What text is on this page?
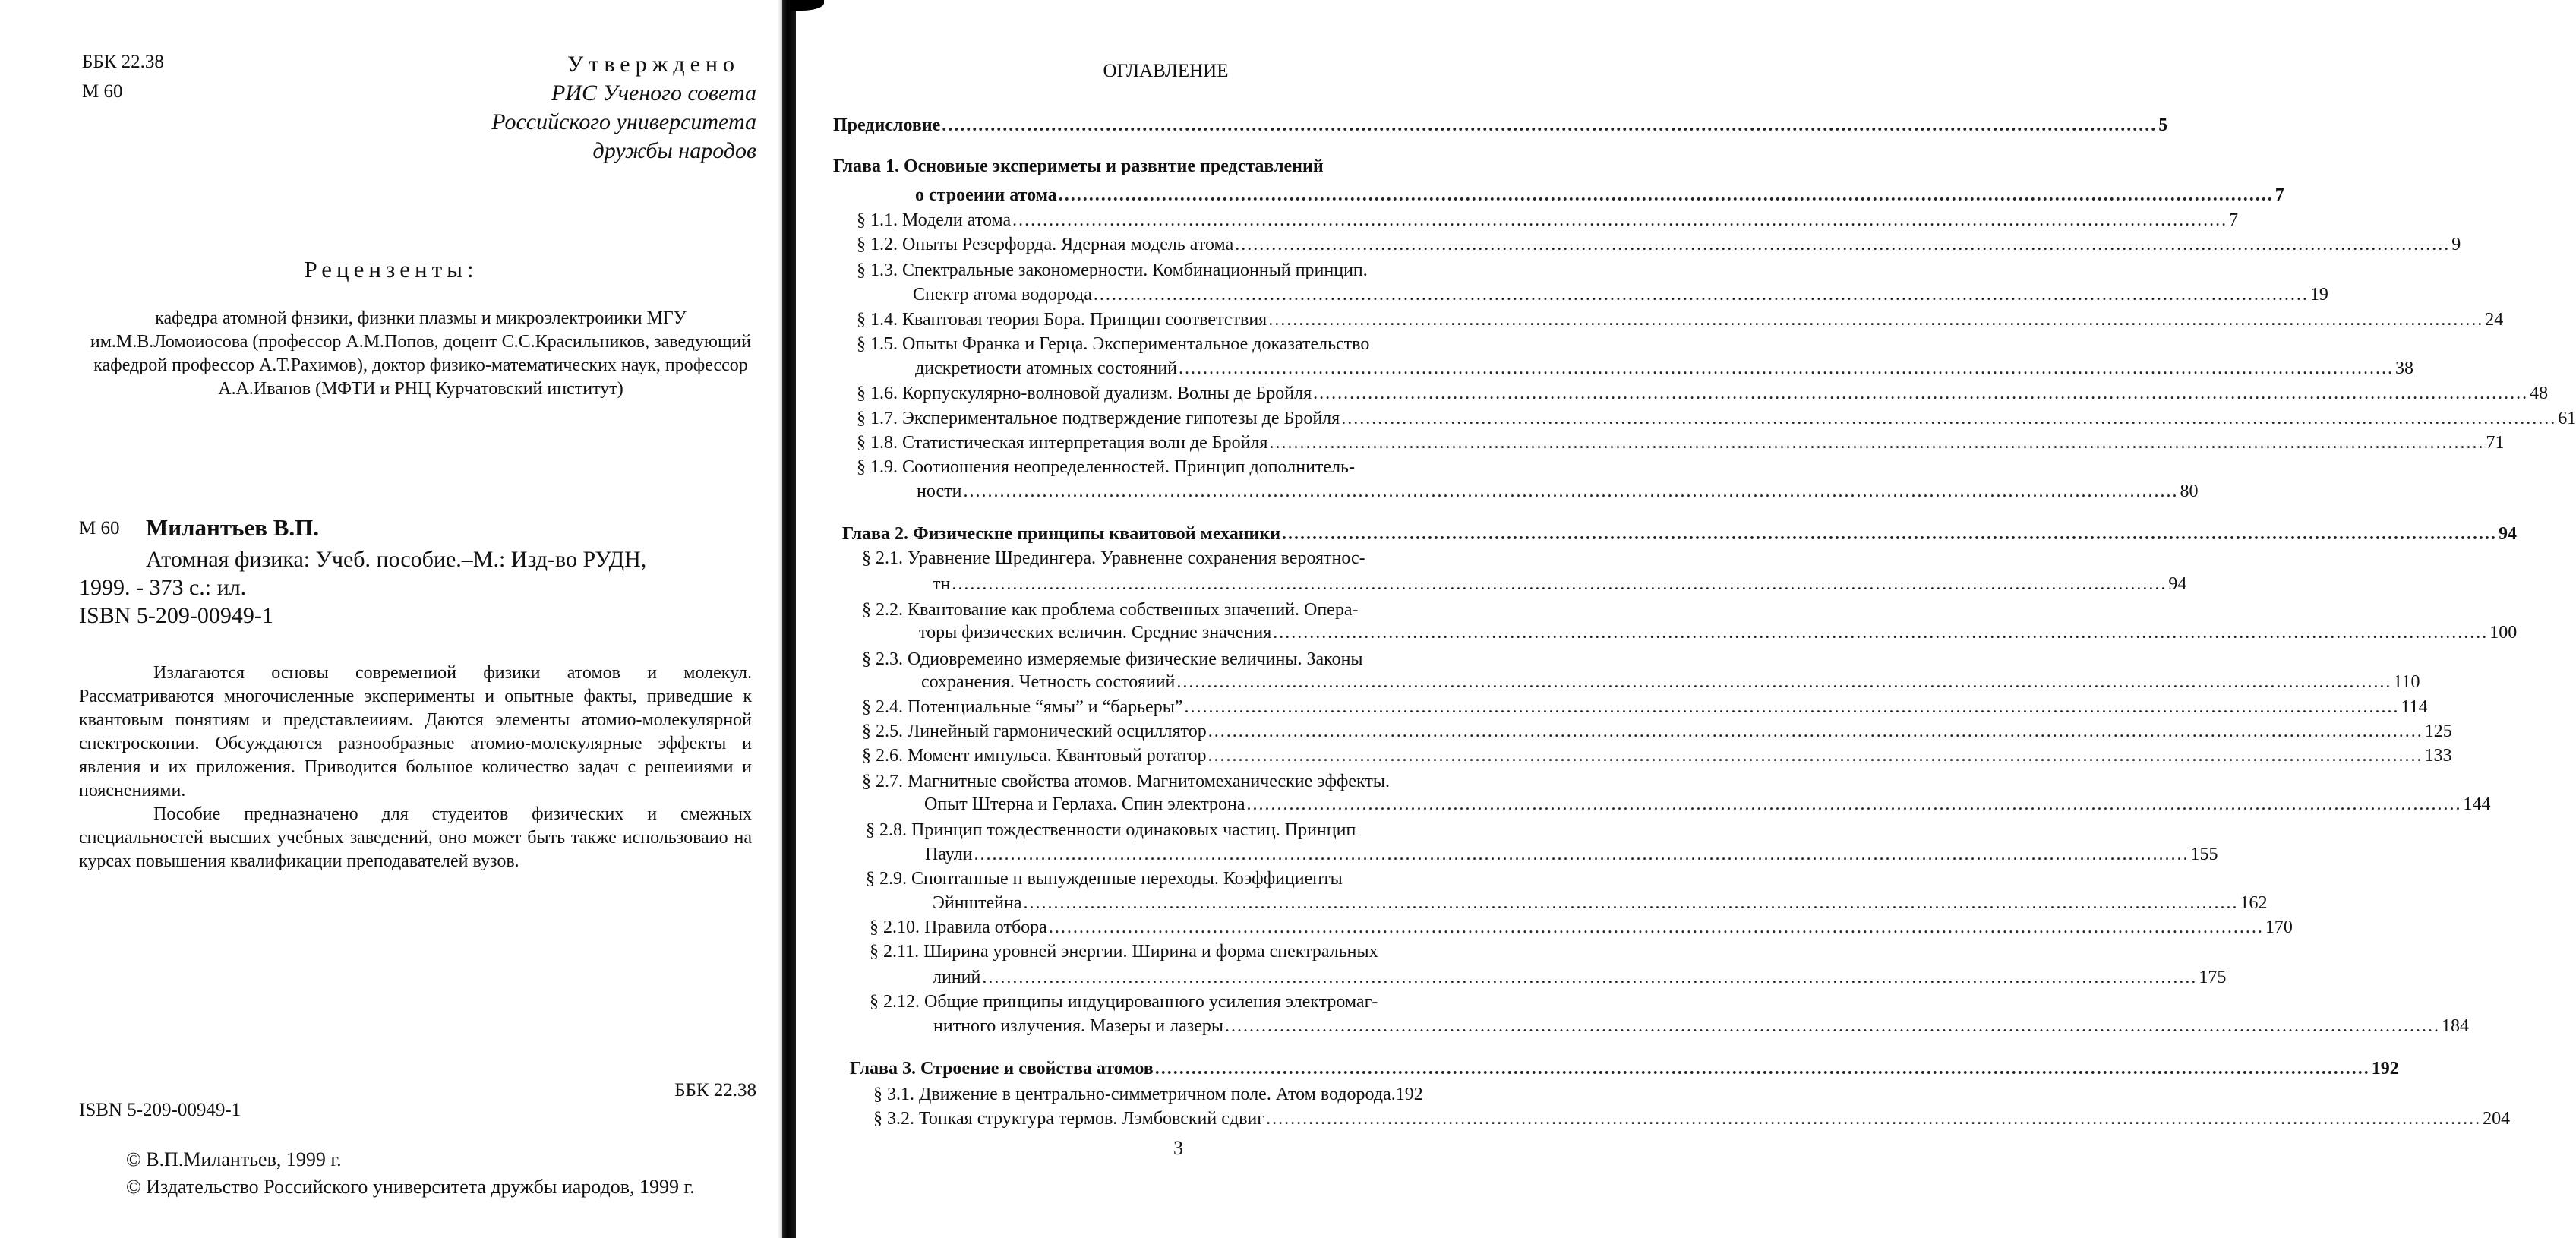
ББК 22.38
М 60
Утверждено
РИС Ученого совета
Российского университета
дружбы народов
Рецензенты:
кафедра атомной фнзики, физнки плазмы и микроэлектроиики МГУ им.М.В.Ломоиосова (профессор А.М.Попов, доцент С.С.Красильников, заведующий кафедрой профессор А.Т.Рахимов), доктор физико-математических наук, профессор А.А.Иванов (МФТИ и РНЦ Курчатовский институт)
М 60 Милантьев В.П.
Атомная физика: Учеб. пособие.–М.: Изд-во РУДН,
1999. - 373 с.: ил.
ISBN 5-209-00949-1

Излагаются основы современиой физики атомов и молекул. Рассматриваются многочисленные эксперименты и опытные факты, приведшие к квантовым понятиям и представлеииям. Даются элементы атомио-молекулярной спектроскопии. Обсуждаются разнообразные атомио-молекулярные эффекты и явления и их приложения. Приводится большое количество задач с решеииями и пояснениями.

Пособие предназначено для студеитов физических и смежных специальностей высших учебных заведений, оно может быть также использоваио на курсах повышения квалификации преподавателей вузов.

ISBN 5-209-00949-1
ББК 22.38
© В.П.Милантьев, 1999 г.
© Издательство Российского университета дружбы иародов, 1999 г.
ОГЛАВЛЕНИЕ
Предисловие ........................................................................................................................................................................................................ 5
Глава 1. Основиые экспериметы и развнтие представлений
о строеиии атома ........................................................................................................................................................................................................ 7
§ 1.1.
Модели атома ........................................................................................................................................................................................................ 7
§ 1.2.
Опыты Резерфорда. Ядерная модель атома ........................................................................................................................................................................................................ 9
§ 1.3. Спектральные закономерности. Комбинационный принцип.
Спектр атома водорода ........................................................................................................................................................................................................ 19
§ 1.4.
Квантовая теория Бора. Принцип соответствия ........................................................................................................................................................................................................ 24
§ 1.5. Опыты Франка и Герца. Экспериментальное доказательство
дискретиости атомных состояний ........................................................................................................................................................................................................ 38
§ 1.6.
Корпускулярно-волновой дуализм. Волны де Бройля ........................................................................................................................................................................................................ 48
§ 1.7.
Экспериментальное подтверждение гипотезы де Бройля ........................................................................................................................................................................................................ 61
§ 1.8.
Статистическая интерпретация волн де Бройля ........................................................................................................................................................................................................ 71
§ 1.9. Соотиошения неопределенностей. Принцип дополнитель-
ности ........................................................................................................................................................................................................ 80
Глава 2. Физическне принципы кваитовой механики ........................................................................................................................................................................................................ 94
§ 2.1. Уравнение Шредингера. Уравненне сохранения вероятнос-
тн ........................................................................................................................................................................................................ 94
§ 2.2. Квантование как проблема собственных значений. Опера-
торы физических величин. Средние значения ........................................................................................................................................................................................................ 100
§ 2.3. Одиовремеино измеряемые физические величины. Законы
сохранения. Четность состояиий ........................................................................................................................................................................................................ 110
§ 2.4.
Потенциальные “ямы” и “барьеры” ........................................................................................................................................................................................................ 114
§ 2.5.
Линейный гармонический осциллятор ........................................................................................................................................................................................................ 125
§ 2.6.
Момент импульса. Квантовый ротатор ........................................................................................................................................................................................................ 133
§ 2.7. Магнитные свойства атомов. Магнитомеханические эффекты.
Опыт Штерна и Герлаха. Спин электрона ........................................................................................................................................................................................................ 144
§ 2.8. Принцип тождественности одинаковых частиц. Принцип
Паули ........................................................................................................................................................................................................ 155
§ 2.9. Спонтанные н вынужденные переходы. Коэффициенты
Эйнштейна ........................................................................................................................................................................................................ 162
§ 2.10.
Правила отбора ........................................................................................................................................................................................................ 170
§ 2.11. Ширина уровней энергии. Ширина и форма спектральных
линий ........................................................................................................................................................................................................ 175
§ 2.12. Общие принципы индуцированного усиления электромаг-
нитного излучения. Мазеры и лазеры ........................................................................................................................................................................................................ 184
Глава 3. Строение и свойства атомов ........................................................................................................................................................................................................ 192
§ 3.1.
Движение в центрально-симметричном поле. Атом водорода. 192
§ 3.2.
Тонкая структура термов. Лэмбовский сдвиг ........................................................................................................................................................................................................ 204
3
